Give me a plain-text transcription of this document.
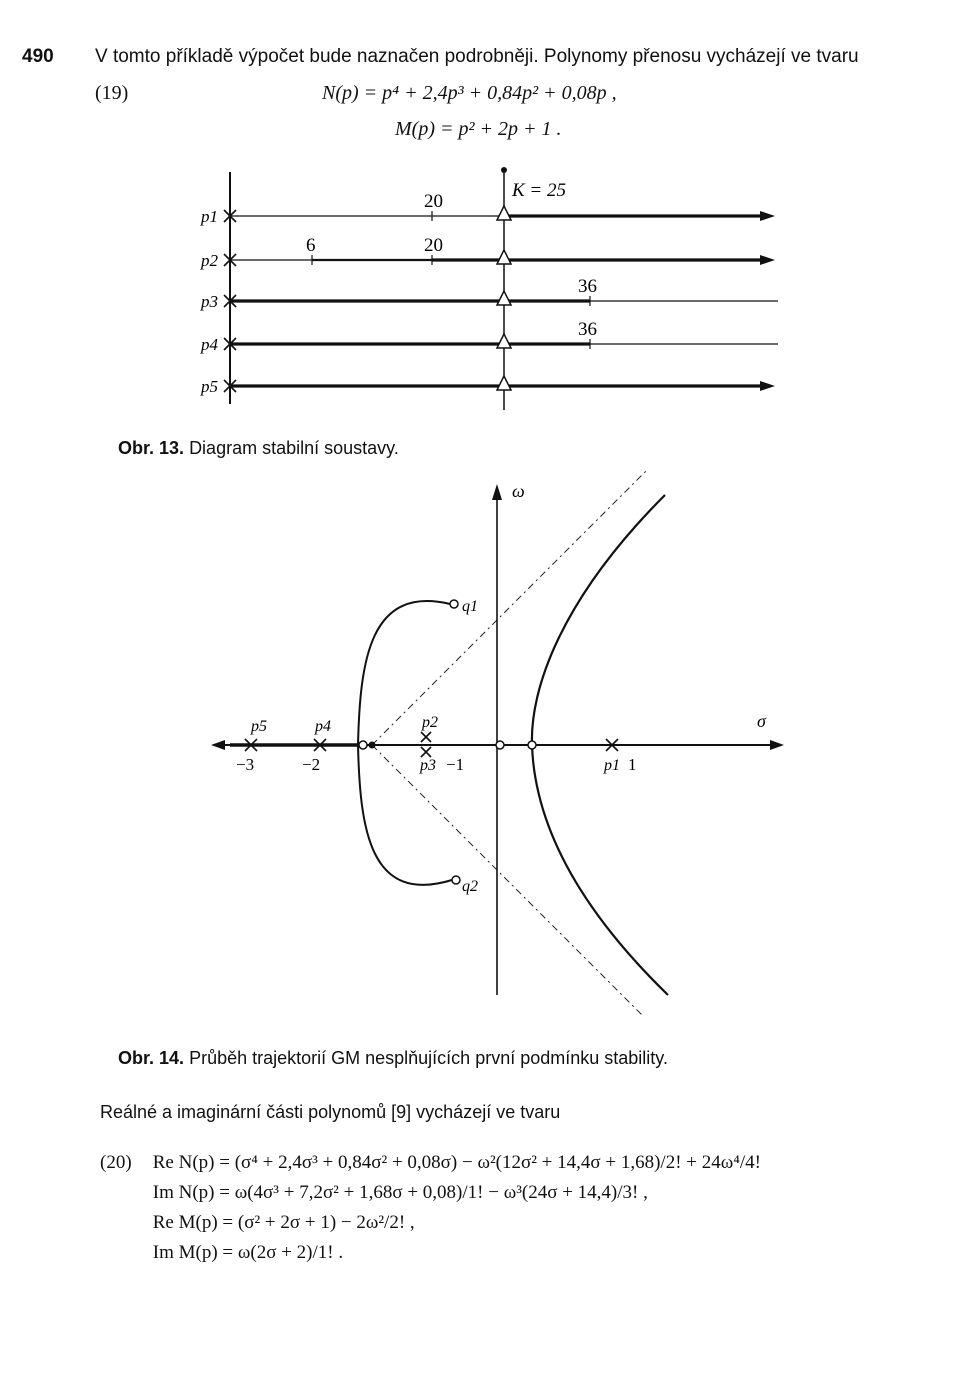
490 V tomto příkladě výpočet bude naznačen podrobněji. Polynomy přenosu vycházejí ve tvaru
(19)	N(p) = p⁴ + 2,4p³ + 0,84p² + 0,08p ,
M(p) = p² + 2p + 1 .
p1
p2
p3
p4
p5
K = 25
20
20
6
36
36
Obr. 13. Diagram stabilní soustavy.
ω
σ
p5	p4	p2
p3	p1
q1
q2
−3	−2	−1	1
Obr. 14. Průběh trajektorií GM nesplňujících první podmínku stability.
Reálné a imaginární části polynomů [9] vycházejí ve tvaru
(20) Re N(p) = (σ⁴ + 2,4σ³ + 0,84σ² + 0,08σ) − ω²(12σ² + 14,4σ + 1,68)/2! + 24ω⁴/4!
Im N(p) = ω(4σ³ + 7,2σ² + 1,68σ + 0,08)/1! − ω³(24σ + 14,4)/3! ,
Re M(p) = (σ² + 2σ + 1) − 2ω²/2! ,
Im M(p) = ω(2σ + 2)/1! .
